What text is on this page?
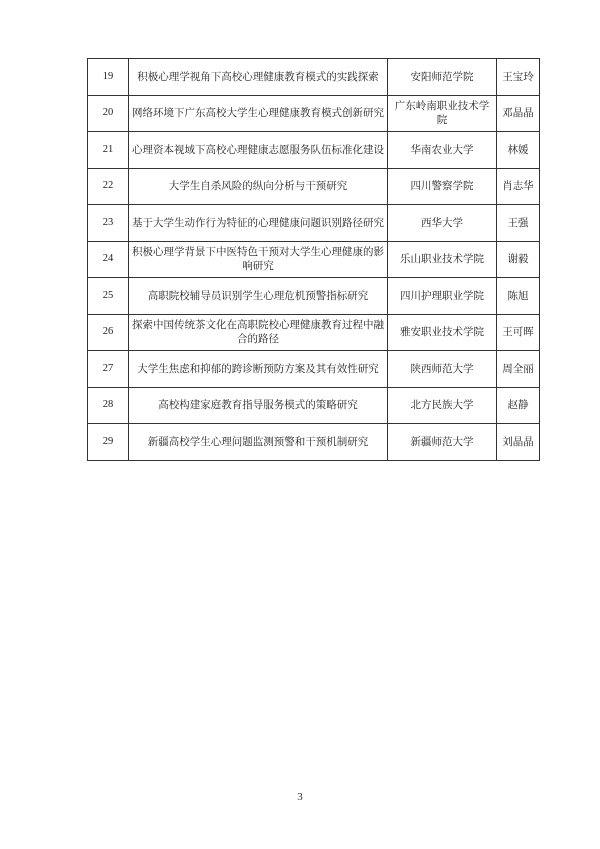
19	积极心理学视角下高校心理健康教育模式的实践探索	安阳师范学院	王宝玲
20	网络环境下广东高校大学生心理健康教育模式创新研究	广东岭南职业技术学院	邓晶晶
21	心理资本视域下高校心理健康志愿服务队伍标准化建设	华南农业大学	林媛
22	大学生自杀风险的纵向分析与干预研究	四川警察学院	肖志华
23	基于大学生动作行为特征的心理健康问题识别路径研究	西华大学	王强
24	积极心理学背景下中医特色干预对大学生心理健康的影响研究	乐山职业技术学院	谢毅
25	高职院校辅导员识别学生心理危机预警指标研究	四川护理职业学院	陈旭
26	探索中国传统茶文化在高职院校心理健康教育过程中融合的路径	雅安职业技术学院	王可晖
27	大学生焦虑和抑郁的跨诊断预防方案及其有效性研究	陕西师范大学	周全丽
28	高校构建家庭教育指导服务模式的策略研究	北方民族大学	赵静
29	新疆高校学生心理问题监测预警和干预机制研究	新疆师范大学	刘晶晶
3
